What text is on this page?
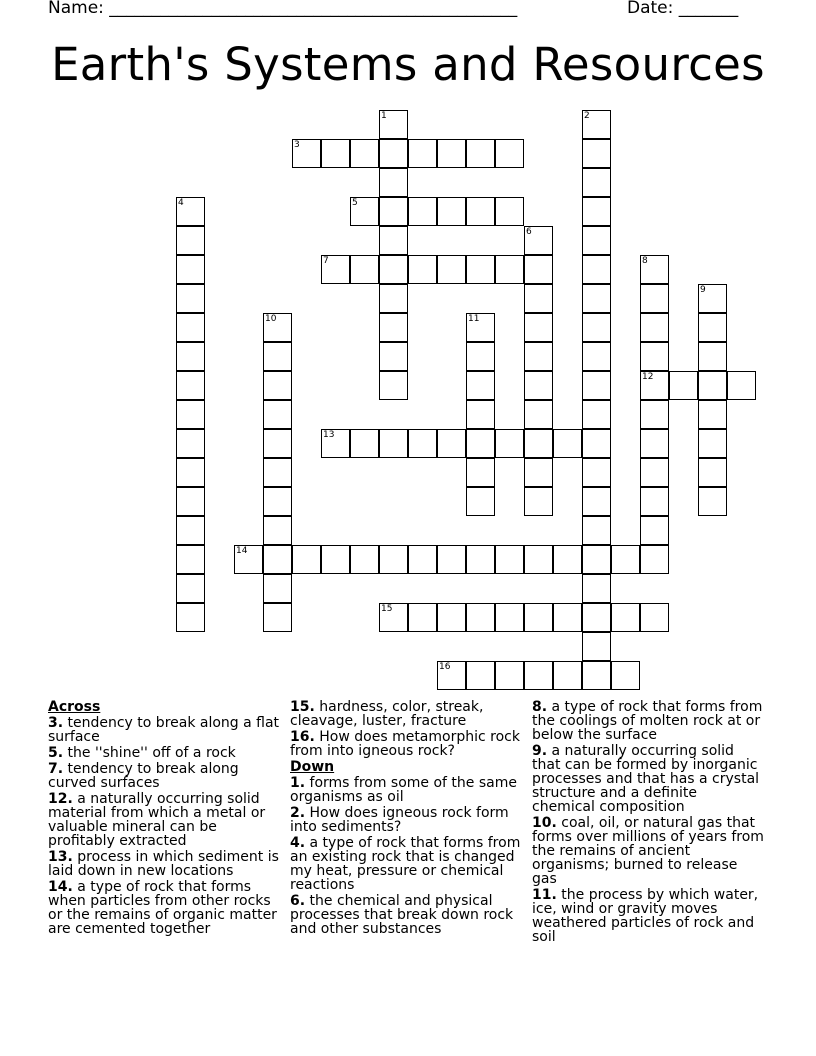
Name: ________________________________________________	Date: _______
Earth's Systems and Resources
1	2
3
4	5
6
7	8
12
9
10	11
13
14
15
16
Across
3. tendency to break along a flat surface
5. the ''shine'' off of a rock
7. tendency to break along curved surfaces
12. a naturally occurring solid material from which a metal or valuable mineral can be profitably extracted
13. process in which sediment is laid down in new locations
14. a type of rock that forms when particles from other rocks or the remains of organic matter are cemented together
15. hardness, color, streak, cleavage, luster, fracture
16. How does metamorphic rock from into igneous rock?
Down
1. forms from some of the same organisms as oil
2. How does igneous rock form into sediments?
4. a type of rock that forms from an existing rock that is changed my heat, pressure or chemical reactions
6. the chemical and physical processes that break down rock and other substances
8. a type of rock that forms from the coolings of molten rock at or below the surface
9. a naturally occurring solid that can be formed by inorganic processes and that has a crystal structure and a definite chemical composition
10. coal, oil, or natural gas that forms over millions of years from the remains of ancient organisms; burned to release gas
11. the process by which water, ice, wind or gravity moves weathered particles of rock and soil
